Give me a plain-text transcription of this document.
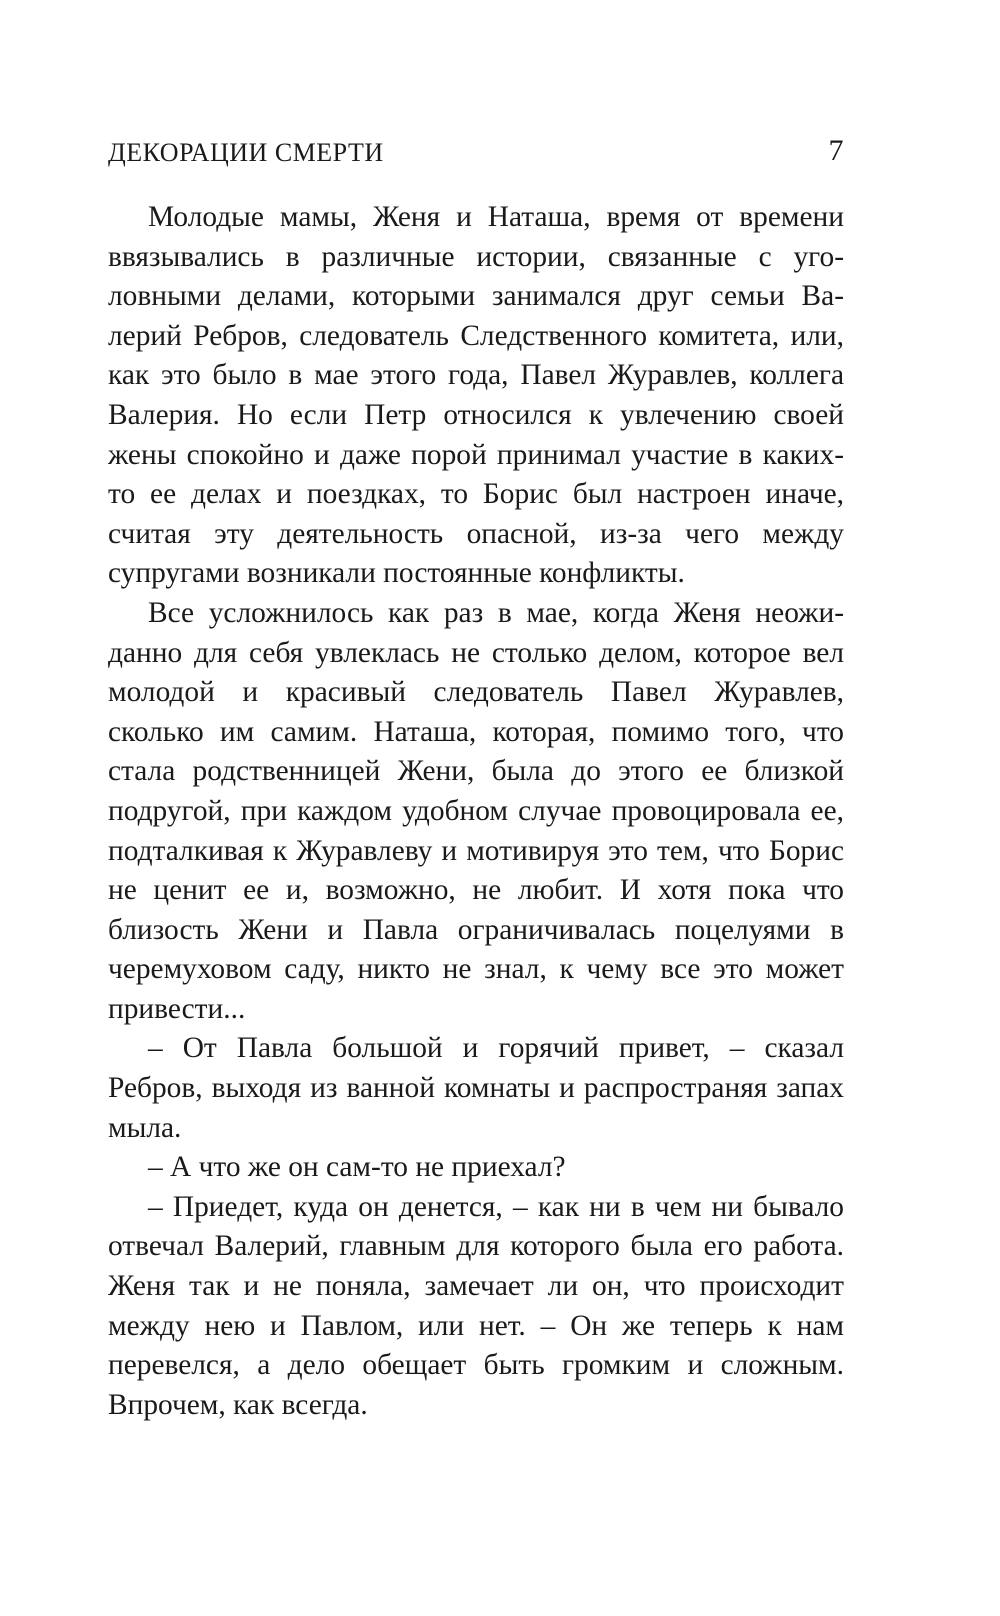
ДЕКОРАЦИИ СМЕРТИ	7

Молодые мамы, Женя и Наташа, время от времени ввязывались в различные истории, связанные с уголовными делами, которыми занимался друг семьи Валерий Ребров, следователь Следственного комитета, или, как это было в мае этого года, Павел Журавлев, коллега Валерия. Но если Петр относился к увлечению своей жены спокойно и даже порой принимал участие в каких-то ее делах и поездках, то Борис был настроен иначе, считая эту деятельность опасной, из-за чего между супругами возникали постоянные конфликты.

Все усложнилось как раз в мае, когда Женя неожиданно для себя увлеклась не столько делом, которое вел молодой и красивый следователь Павел Журавлев, сколько им самим. Наташа, которая, помимо того, что стала родственницей Жени, была до этого ее близкой подругой, при каждом удобном случае провоцировала ее, подталкивая к Журавлеву и мотивируя это тем, что Борис не ценит ее и, возможно, не любит. И хотя пока что близость Жени и Павла ограничивалась поцелуями в черемуховом саду, никто не знал, к чему все это может привести...

– От Павла большой и горячий привет, – сказал Ребров, выходя из ванной комнаты и распространяя запах мыла.

– А что же он сам-то не приехал?

– Приедет, куда он денется, – как ни в чем ни бывало отвечал Валерий, главным для которого была его работа. Женя так и не поняла, замечает ли он, что происходит между нею и Павлом, или нет. – Он же теперь к нам перевелся, а дело обещает быть громким и сложным. Впрочем, как всегда.
